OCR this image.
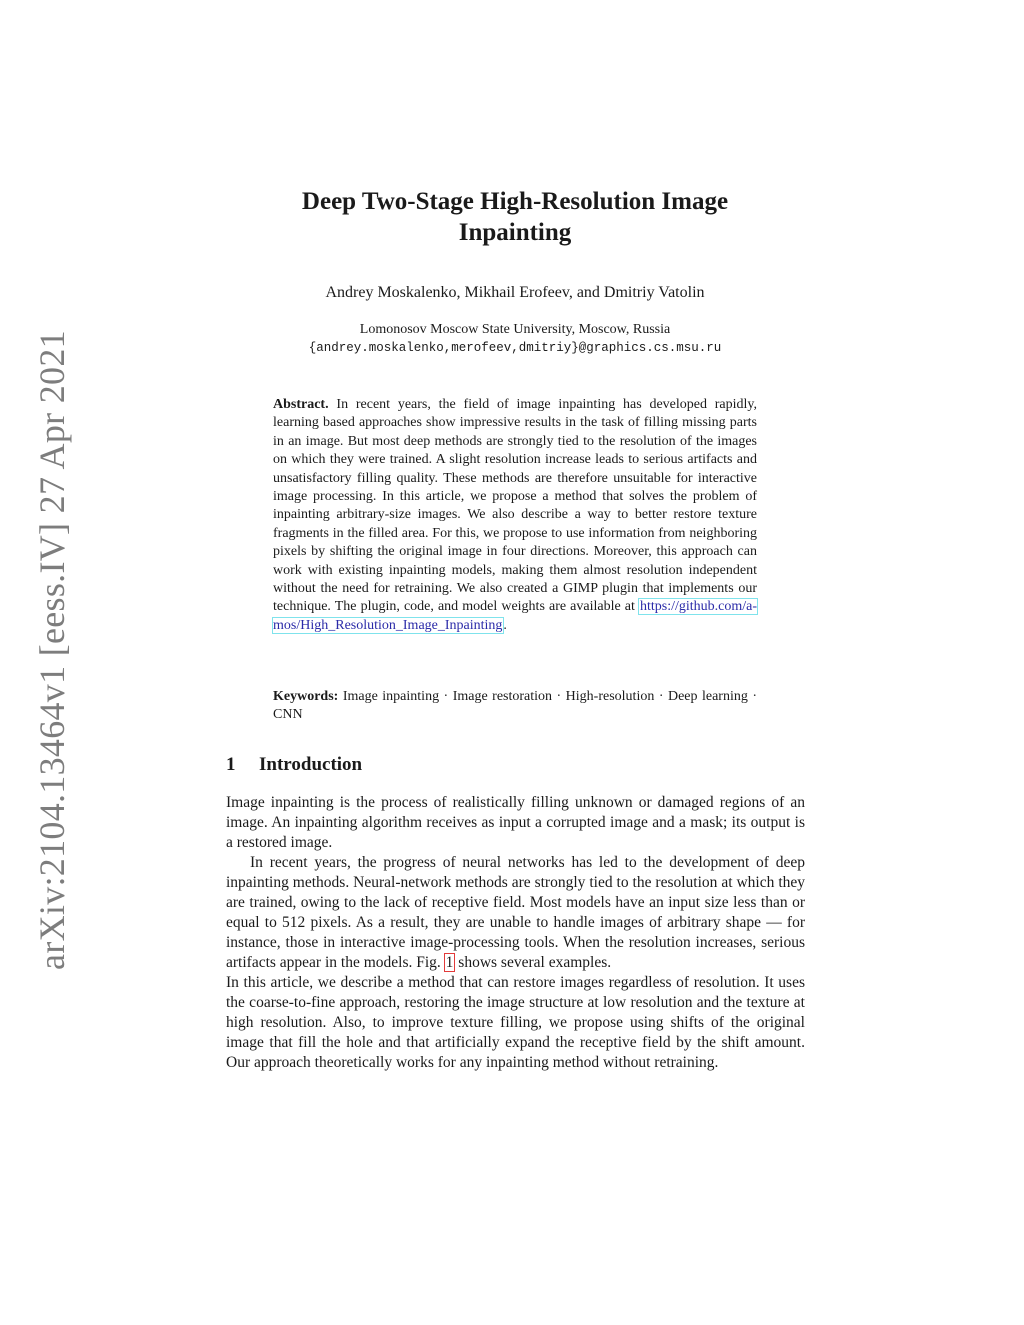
arXiv:2104.13464v1 [eess.IV] 27 Apr 2021
Deep Two-Stage High-Resolution Image
Inpainting
Andrey Moskalenko, Mikhail Erofeev, and Dmitriy Vatolin
Lomonosov Moscow State University, Moscow, Russia
{andrey.moskalenko,merofeev,dmitriy}@graphics.cs.msu.ru
Abstract. In recent years, the field of image inpainting has developed rapidly, learning based approaches show impressive results in the task of filling missing parts in an image. But most deep methods are strongly tied to the resolution of the images on which they were trained. A slight resolution increase leads to serious artifacts and unsatisfactory filling quality. These methods are therefore unsuitable for interactive image processing. In this article, we propose a method that solves the problem of inpainting arbitrary-size images. We also describe a way to better restore texture fragments in the filled area. For this, we propose to use information from neighboring pixels by shifting the original image in four directions. Moreover, this approach can work with existing inpainting models, making them almost resolution independent without the need for retraining. We also created a GIMP plugin that implements our technique. The plugin, code, and model weights are available at https://github.com/a-mos/High_Resolution_Image_Inpainting.
Keywords: Image inpainting · Image restoration · High-resolution · Deep learning · CNN
1 Introduction

Image inpainting is the process of realistically filling unknown or damaged regions of an image. An inpainting algorithm receives as input a corrupted image and a mask; its output is a restored image.

In recent years, the progress of neural networks has led to the development of deep inpainting methods. Neural-network methods are strongly tied to the resolution at which they are trained, owing to the lack of receptive field. Most models have an input size less than or equal to 512 pixels. As a result, they are unable to handle images of arbitrary shape — for instance, those in interactive image-processing tools. When the resolution increases, serious artifacts appear in the models. Fig. 1 shows several examples.

In this article, we describe a method that can restore images regardless of resolution. It uses the coarse-to-fine approach, restoring the image structure at low resolution and the texture at high resolution. Also, to improve texture filling, we propose using shifts of the original image that fill the hole and that artificially expand the receptive field by the shift amount. Our approach theoretically works for any inpainting method without retraining.
